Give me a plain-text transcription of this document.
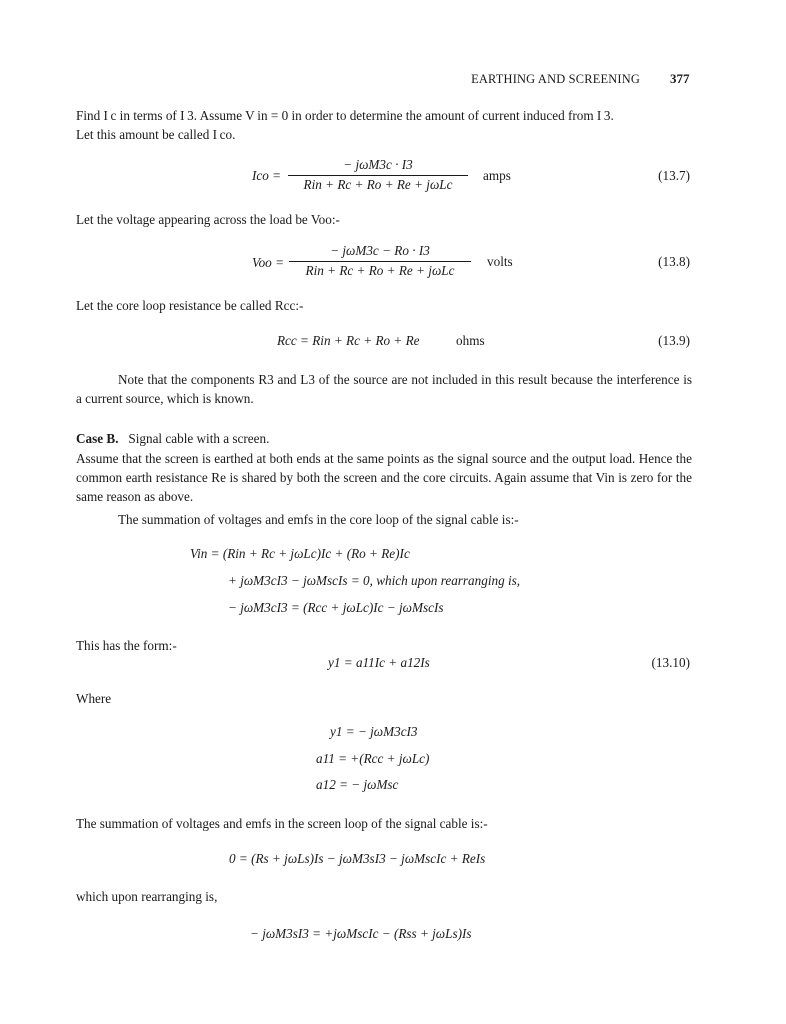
EARTHING AND SCREENING 377
Find I c in terms of I 3. Assume V in = 0 in order to determine the amount of current induced from I 3.
Let this amount be called I co.
Ico =
− jωM3c · I3
Rin + Rc + Ro + Re + jωLc
amps	(13.7)
Let the voltage appearing across the load be Voo:-
Voo =
− jωM3c − Ro · I3
Rin + Rc + Ro + Re + jωLc
volts	(13.8)
Let the core loop resistance be called Rcc:-
Rcc = Rin + Rc + Ro + Re	ohms	(13.9)
Note that the components R3 and L3 of the source are not included in this result because the interference is a current source, which is known.
Case B. Signal cable with a screen.
Assume that the screen is earthed at both ends at the same points as the signal source and the output load. Hence the common earth resistance Re is shared by both the screen and the core circuits. Again assume that Vin is zero for the same reason as above.
The summation of voltages and emfs in the core loop of the signal cable is:-
Vin = (Rin + Rc + jωLc)Ic + (Ro + Re)Ic
+ jωM3cI3 − jωMscIs = 0, which upon rearranging is,
− jωM3cI3 = (Rcc + jωLc)Ic − jωMscIs
This has the form:-
y1 = a11Ic + a12Is	(13.10)
Where
y1 = − jωM3cI3
a11 = +(Rcc + jωLc)
a12 = − jωMsc
The summation of voltages and emfs in the screen loop of the signal cable is:-
0 = (Rs + jωLs)Is − jωM3sI3 − jωMscIc + ReIs
which upon rearranging is,
− jωM3sI3 = +jωMscIc − (Rss + jωLs)Is
